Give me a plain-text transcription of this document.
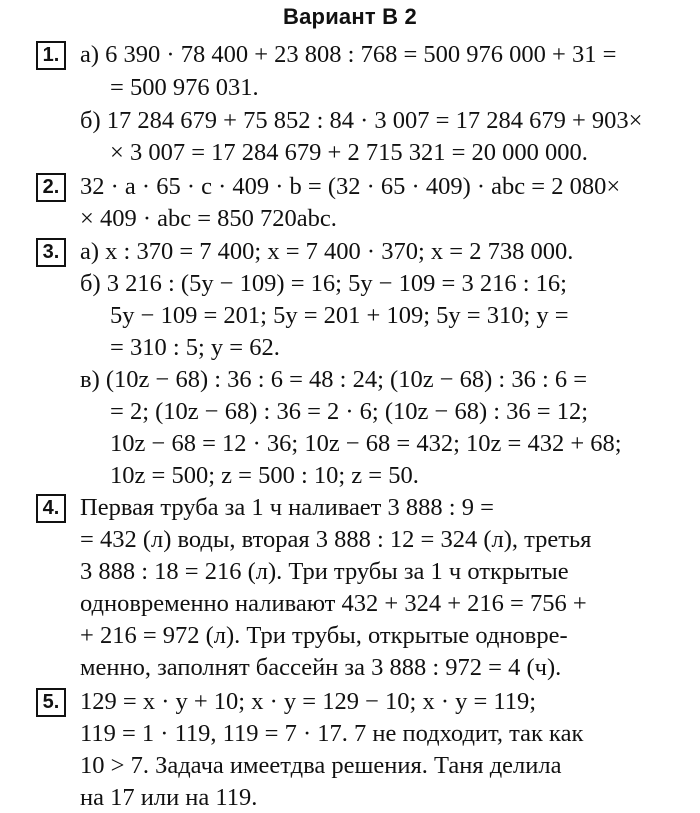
Вариант В 2
1. а) 6 390 · 78 400 + 23 808 : 768 = 500 976 000 + 31 =
= 500 976 031.
б) 17 284 679 + 75 852 : 84 · 3 007 = 17 284 679 + 903×
× 3 007 = 17 284 679 + 2 715 321 = 20 000 000.
2. 32 · a · 65 · c · 409 · b = (32 · 65 · 409) · abc = 2 080×
× 409 · abc = 850 720abc.
3. а) x : 370 = 7 400; x = 7 400 · 370; x = 2 738 000.
б) 3 216 : (5y − 109) = 16; 5y − 109 = 3 216 : 16;
5y − 109 = 201; 5y = 201 + 109; 5y = 310; y =
= 310 : 5; y = 62.
в) (10z − 68) : 36 : 6 = 48 : 24; (10z − 68) : 36 : 6 =
= 2; (10z − 68) : 36 = 2 · 6; (10z − 68) : 36 = 12;
10z − 68 = 12 · 36; 10z − 68 = 432; 10z = 432 + 68;
10z = 500; z = 500 : 10; z = 50.
4. Первая труба за 1 ч наливает 3 888 : 9 =
= 432 (л) воды, вторая 3 888 : 12 = 324 (л), третья
3 888 : 18 = 216 (л). Три трубы за 1 ч открытые
одновременно наливают 432 + 324 + 216 = 756 +
+ 216 = 972 (л). Три трубы, открытые одновре-
менно, заполнят бассейн за 3 888 : 972 = 4 (ч).
5. 129 = x · y + 10; x · y = 129 − 10; x · y = 119;
119 = 1 · 119, 119 = 7 · 17. 7 не подходит, так как
10 > 7. Задача имеетдва решения. Таня делила
на 17 или на 119.
